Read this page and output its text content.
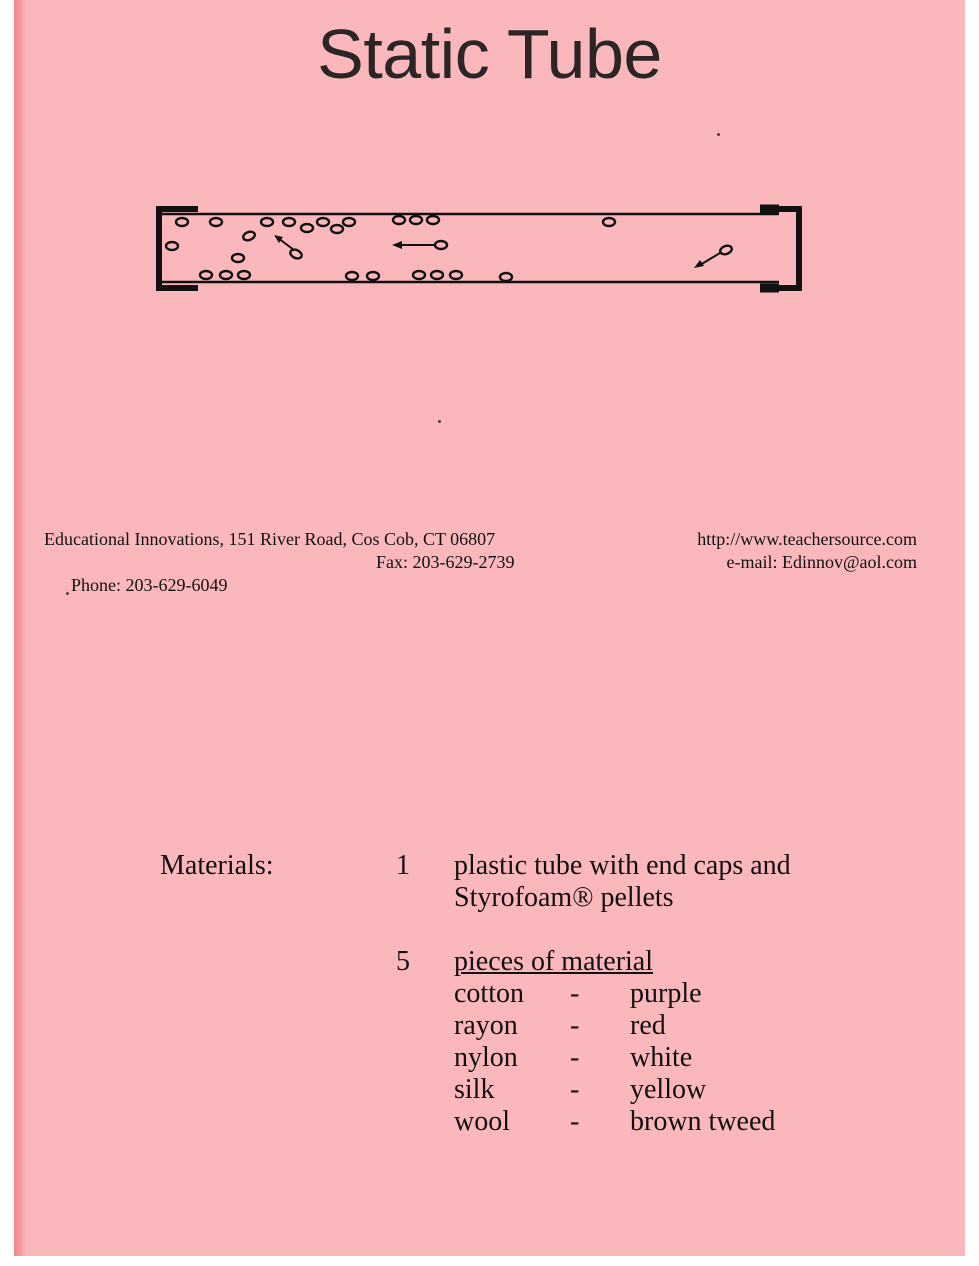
Static Tube
Educational Innovations, 151 River Road, Cos Cob, CT 06807

Phone: 203-629-6049

Fax: 203-629-2739

http://www.teachersource.com
e-mail: Edinnov@aol.com
Materials:	1 plastic tube with end caps and
Styrofoam® pellets
5 pieces of material
cotton - purple
rayon - red
nylon - white
silk	- yellow
wool - brown tweed
